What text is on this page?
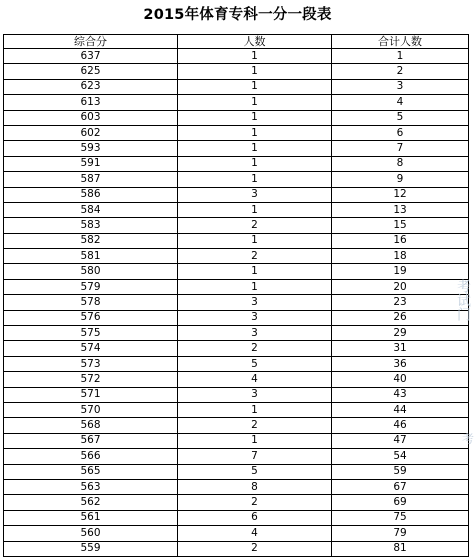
2015年体育专科一分一段表
综合分	人数	合计人数
637	1	1
625	1	2
623	1	3
613	1	4
603	1	5
602	1	6
593	1	7
591	1	8
587	1	9
586	3	12
584	1	13
583	2	15
582	1	16
581	2	18
580	1	19
579	1	20
578	3	23
576	3	26
575	3	29
574	2	31
573	5	36
572	4	40
571	3	43
570	1	44
568	2	46
567	1	47
566	7	54
565	5	59
563	8	67
562	2	69
561	6	75
560	4	79
559	2	81
考试门
考
